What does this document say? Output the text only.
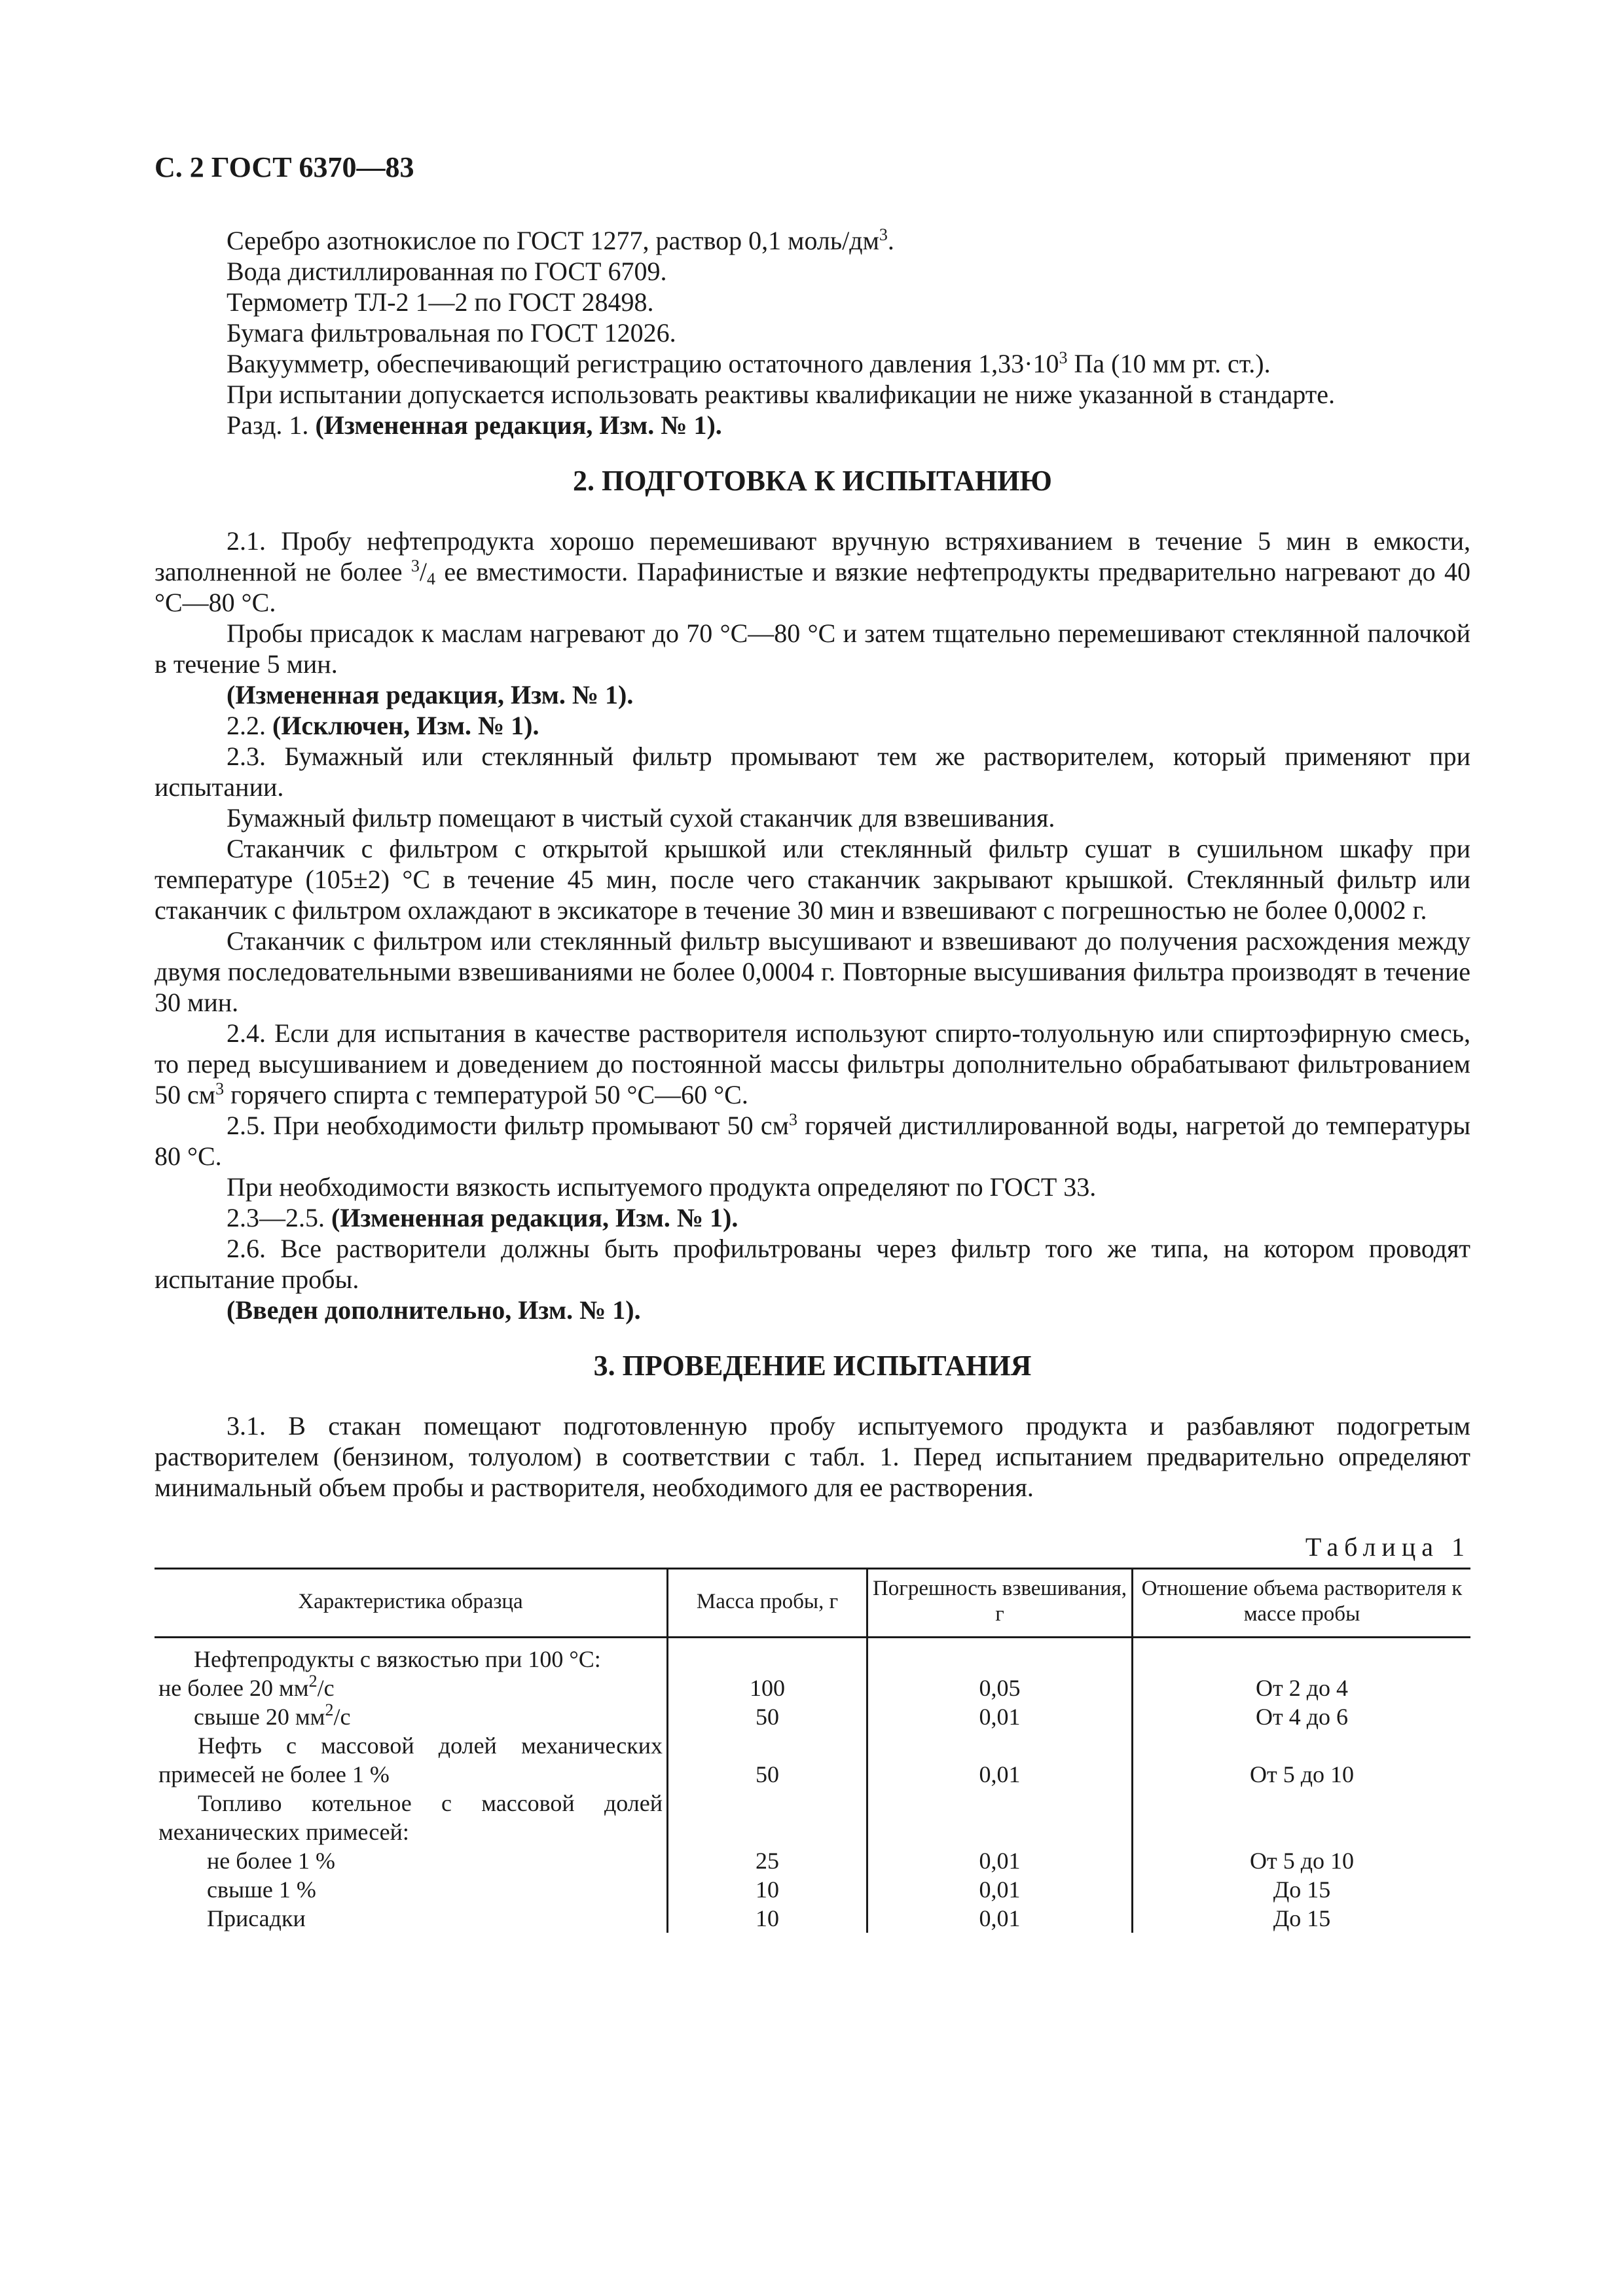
С. 2 ГОСТ 6370—83

Серебро азотнокислое по ГОСТ 1277, раствор 0,1 моль/$дм^3$.

Вода дистиллированная по ГОСТ 6709.

Термометр ТЛ-2 1—2 по ГОСТ 28498.

Бумага фильтровальная по ГОСТ 12026.

Вакуумметр, обеспечивающий регистрацию остаточного давления $1,33\cdot 10^3$ Па (10 мм рт. ст.).

При испытании допускается использовать реактивы квалификации не ниже указанной в стандарте.

Разд. 1. (Измененная редакция, Изм. № 1).

2. ПОДГОТОВКА К ИСПЫТАНИЮ

2.1. Пробу нефтепродукта хорошо перемешивают вручную встряхиванием в течение 5 мин в емкости, заполненной не более $^3/_4$ ее вместимости. Парафинистые и вязкие нефтепродукты предварительно нагревают до 40 °С—80 °С.

Пробы присадок к маслам нагревают до 70 °С—80 °С и затем тщательно перемешивают стеклянной палочкой в течение 5 мин.

(Измененная редакция, Изм. № 1).

2.2. (Исключен, Изм. № 1).

2.3. Бумажный или стеклянный фильтр промывают тем же растворителем, который применяют при испытании.

Бумажный фильтр помещают в чистый сухой стаканчик для взвешивания.

Стаканчик с фильтром с открытой крышкой или стеклянный фильтр сушат в сушильном шкафу при температуре (105±2) °С в течение 45 мин, после чего стаканчик закрывают крышкой. Стеклянный фильтр или стаканчик с фильтром охлаждают в эксикаторе в течение 30 мин и взвешивают с погрешностью не более 0,0002 г.

Стаканчик с фильтром или стеклянный фильтр высушивают и взвешивают до получения расхождения между двумя последовательными взвешиваниями не более 0,0004 г. Повторные высушивания фильтра производят в течение 30 мин.

2.4. Если для испытания в качестве растворителя используют спирто-толуольную или спиртоэфирную смесь, то перед высушиванием и доведением до постоянной массы фильтры дополнительно обрабатывают фильтрованием 50 $см^3$ горячего спирта с температурой 50 °С—60 °С.

2.5. При необходимости фильтр промывают 50 $см^3$ горячей дистиллированной воды, нагретой до температуры 80 °С.

При необходимости вязкость испытуемого продукта определяют по ГОСТ 33.

2.3—2.5. (Измененная редакция, Изм. № 1).

2.6. Все растворители должны быть профильтрованы через фильтр того же типа, на котором проводят испытание пробы.

(Введен дополнительно, Изм. № 1).

3. ПРОВЕДЕНИЕ ИСПЫТАНИЯ

3.1. В стакан помещают подготовленную пробу испытуемого продукта и разбавляют подогретым растворителем (бензином, толуолом) в соответствии с табл. 1. Перед испытанием предварительно определяют минимальный объем пробы и растворителя, необходимого для ее растворения.

Таблица 1
Характеристика образца	Масса пробы, г	Погрешность взвешивания, г	Отношение объема растворителя к массе пробы
Нефтепродукты с вязкостью при 100 °С:			
не более 20 $мм^2/с$	100	0,05	От 2 до 4
свыше 20 $мм^2/с$	50	0,01	От 4 до 6
Нефть с массовой долей механических примесей не более 1 %	50	0,01	От 5 до 10
Топливо котельное с массовой долей механических примесей:			
не более 1 %	25	0,01	От 5 до 10
свыше 1 %	10	0,01	До 15
Присадки	10	0,01	До 15
